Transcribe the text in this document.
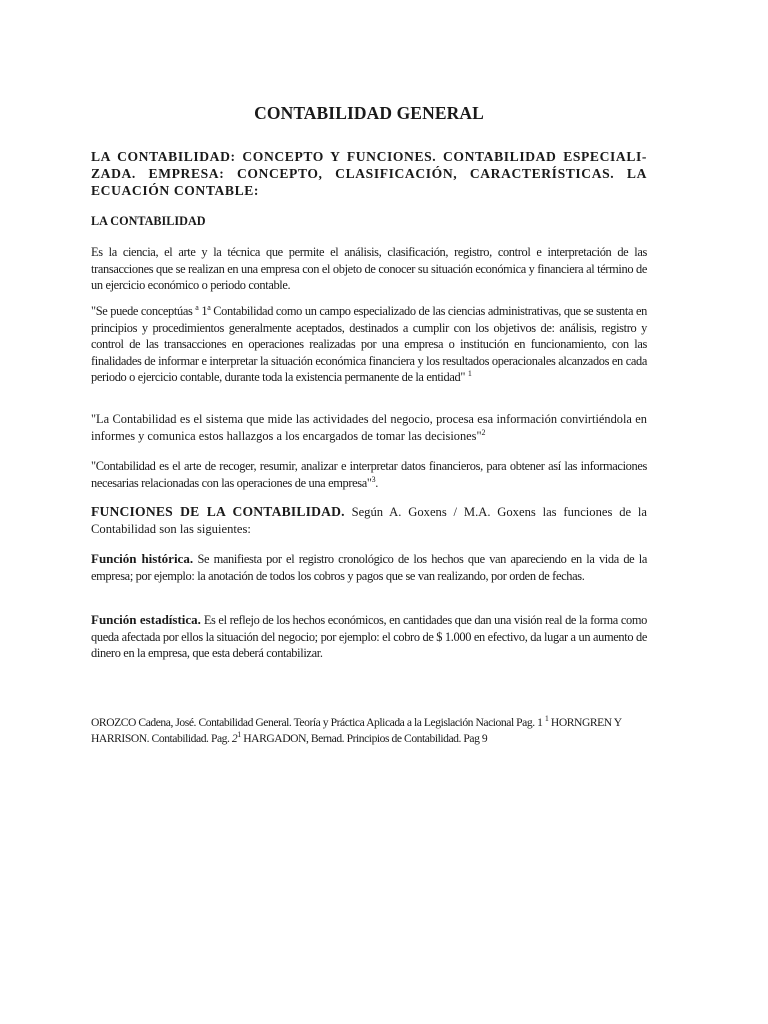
CONTABILIDAD GENERAL

LA CONTABILIDAD: CONCEPTO Y FUNCIONES. CONTABILIDAD ESPECIALI-
ZADA. EMPRESA: CONCEPTO, CLASIFICACIÓN, CARACTERÍSTICAS. LA
ECUACIÓN CONTABLE:

LA CONTABILIDAD

Es la ciencia, el arte y la técnica que permite el análisis, clasificación, registro, control e interpretación de las transacciones que se realizan en una empresa con el objeto de conocer su situación económica y financiera al término de un ejercicio económico o periodo contable.

"Se puede conceptúas $^a$ 1$^a$ Contabilidad como un campo especializado de las ciencias administrativas, que se sustenta en principios y procedimientos generalmente aceptados, destinados a cumplir con los objetivos de: análisis, registro y control de las transacciones en operaciones realizadas por una empresa o institución en funcionamiento, con las finalidades de informar e interpretar la situación económica financiera y los resultados operacionales alcanzados en cada periodo o ejercicio contable, durante toda la existencia permanente de la entidad" $^1$

"La Contabilidad es el sistema que mide las actividades del negocio, procesa esa información convirtiéndola en informes y comunica estos hallazgos a los encargados de tomar las decisiones"$^2$

"Contabilidad es el arte de recoger, resumir, analizar e interpretar datos financieros, para obtener así las informaciones necesarias relacionadas con las operaciones de una empresa"$^3$.

FUNCIONES DE LA CONTABILIDAD. Según A. Goxens / M.A. Goxens las funciones de la Contabilidad son las siguientes:

Función histórica. Se manifiesta por el registro cronológico de los hechos que van apareciendo en la vida de la empresa; por ejemplo: la anotación de todos los cobros y pagos que se van realizando, por orden de fechas.

Función estadística. Es el reflejo de los hechos económicos, en cantidades que dan una visión real de la forma como queda afectada por ellos la situación del negocio; por ejemplo: el cobro de $ 1.000 en efectivo, da lugar a un aumento de dinero en la empresa, que esta deberá contabilizar.

OROZCO Cadena, José. Contabilidad General. Teoría y Práctica Aplicada a la Legislación Nacional Pag. 1 $^1$ HORNGREN Y HARRISON. Contabilidad. Pag. $2^1$ HARGADON, Bernad. Principios de Contabilidad. Pag 9
